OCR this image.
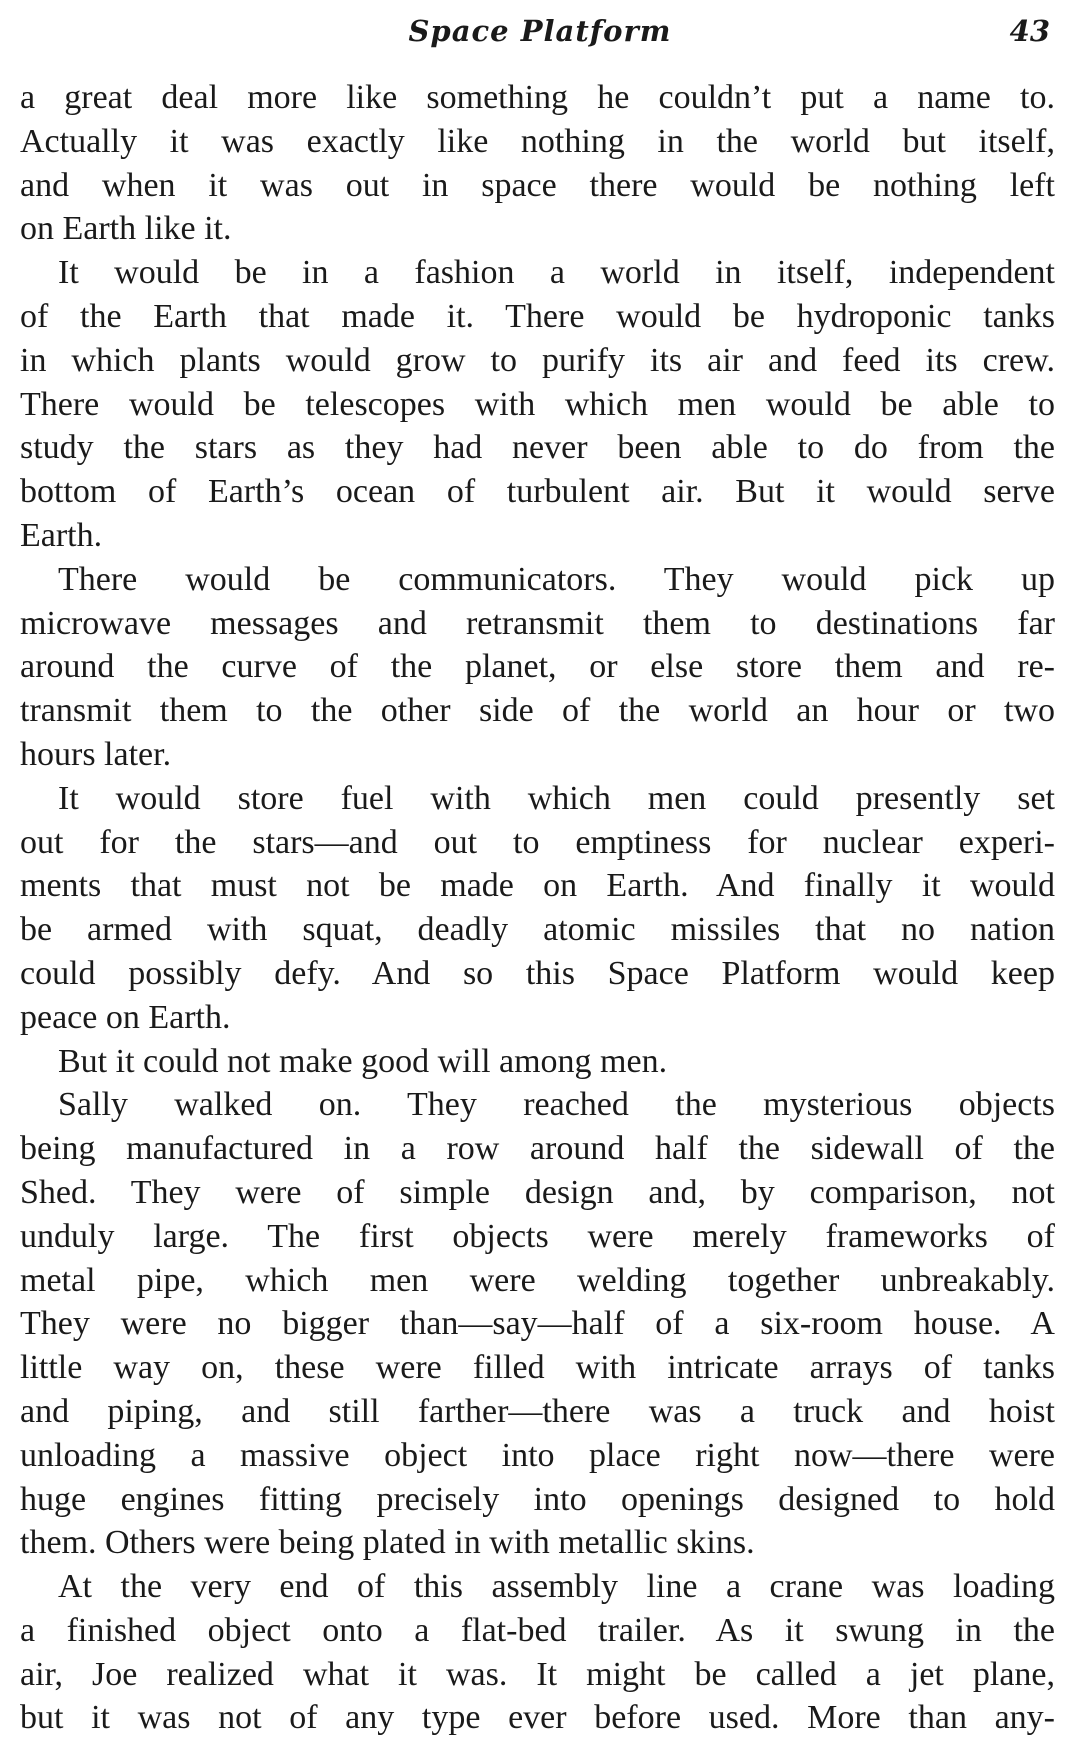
Space Platform	43
a great deal more like something he couldn’t put a name to.
Actually it was exactly like nothing in the world but itself,
and when it was out in space there would be nothing left
on Earth like it.
It would be in a fashion a world in itself, independent
of the Earth that made it. There would be hydroponic tanks
in which plants would grow to purify its air and feed its crew.
There would be telescopes with which men would be able to
study the stars as they had never been able to do from the
bottom of Earth’s ocean of turbulent air. But it would serve
Earth.
There would be communicators. They would pick up
microwave messages and retransmit them to destinations far
around the curve of the planet, or else store them and re-
transmit them to the other side of the world an hour or two
hours later.
It would store fuel with which men could presently set
out for the stars—and out to emptiness for nuclear experi-
ments that must not be made on Earth. And finally it would
be armed with squat, deadly atomic missiles that no nation
could possibly defy. And so this Space Platform would keep
peace on Earth.
But it could not make good will among men.
Sally walked on. They reached the mysterious objects
being manufactured in a row around half the sidewall of the
Shed. They were of simple design and, by comparison, not
unduly large. The first objects were merely frameworks of
metal pipe, which men were welding together unbreakably.
They were no bigger than—say—half of a six-room house. A
little way on, these were filled with intricate arrays of tanks
and piping, and still farther—there was a truck and hoist
unloading a massive object into place right now—there were
huge engines fitting precisely into openings designed to hold
them. Others were being plated in with metallic skins.
At the very end of this assembly line a crane was loading
a finished object onto a flat-bed trailer. As it swung in the
air, Joe realized what it was. It might be called a jet plane,
but it was not of any type ever before used. More than any-
